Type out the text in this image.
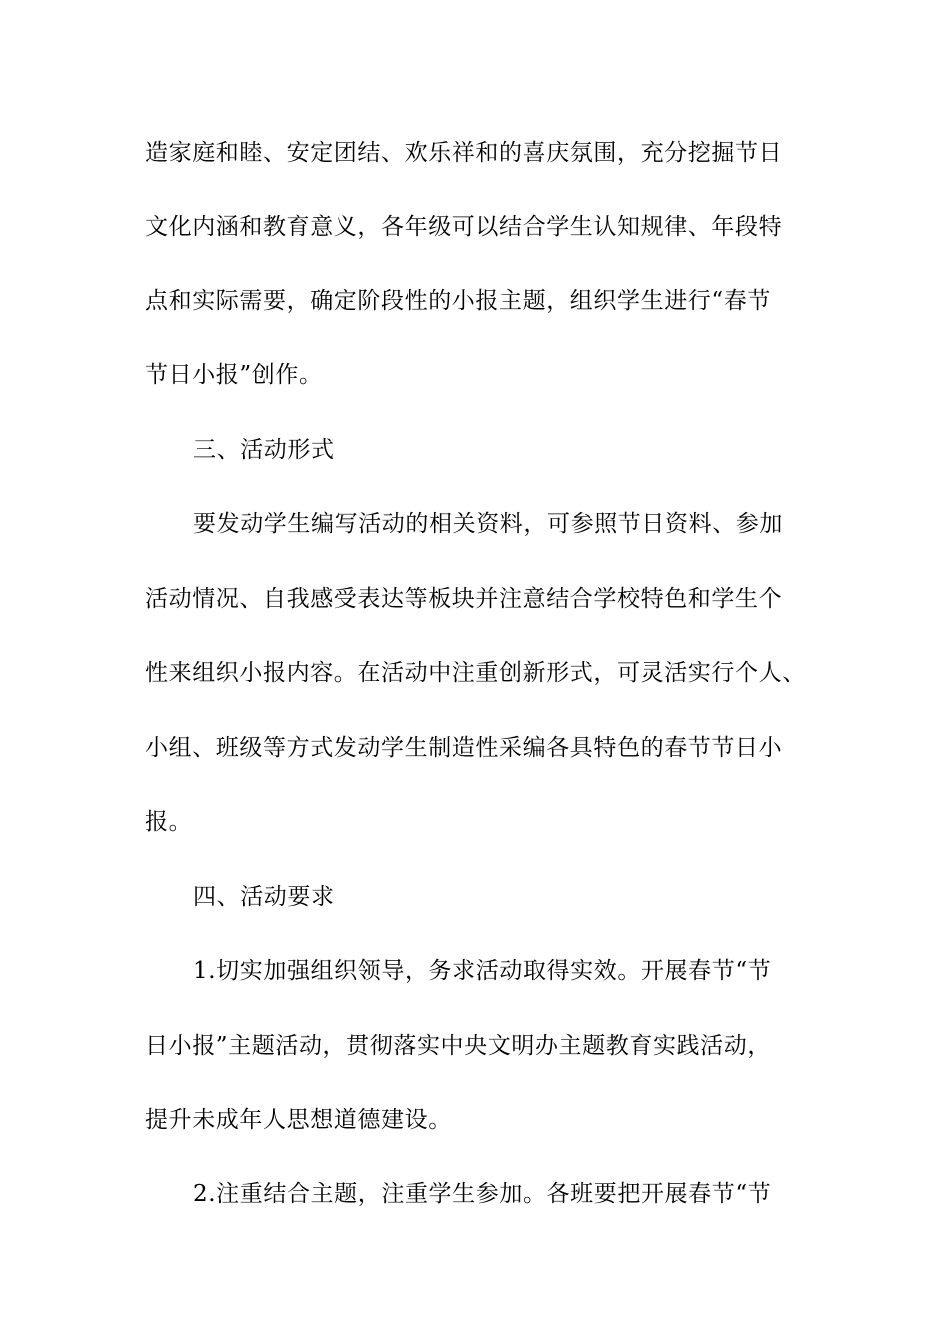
造家庭和睦、安定团结、欢乐祥和的喜庆氛围，充分挖掘节日
文化内涵和教育意义，各年级可以结合学生认知规律、年段特
点和实际需要，确定阶段性的小报主题，组织学生进行“春节
节日小报”创作。
三、活动形式
要发动学生编写活动的相关资料，可参照节日资料、参加
活动情况、自我感受表达等板块并注意结合学校特色和学生个
性来组织小报内容。在活动中注重创新形式，可灵活实行个人、
小组、班级等方式发动学生制造性采编各具特色的春节节日小
报。
四、活动要求
1.切实加强组织领导，务求活动取得实效。开展春节“节
日小报”主题活动，贯彻落实中央文明办主题教育实践活动，
提升未成年人思想道德建设。
2.注重结合主题，注重学生参加。各班要把开展春节“节
